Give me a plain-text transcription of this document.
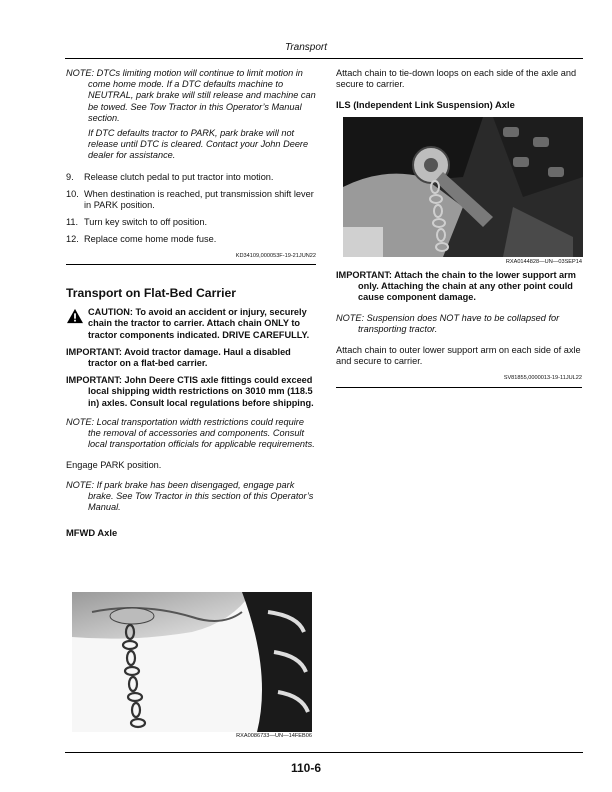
Transport

NOTE: DTCs limiting motion will continue to limit motion in come home mode. If a DTC defaults machine to NEUTRAL, park brake will still release and machine can be towed. See Tow Tractor in this Operator’s Manual section.

If DTC defaults tractor to PARK, park brake will not release until DTC is cleared. Contact your John Deere dealer for assistance.

9. Release clutch pedal to put tractor into motion.
10. When destination is reached, put transmission shift lever in PARK position.
11. Turn key switch to off position.
12. Replace come home mode fuse.
KD34109,000053F-19-21JUN22

Transport on Flat-Bed Carrier

CAUTION: To avoid an accident or injury, securely chain the tractor to carrier. Attach chain ONLY to tractor components indicated. DRIVE CAREFULLY.

IMPORTANT: Avoid tractor damage. Haul a disabled tractor on a flat-bed carrier.

IMPORTANT: John Deere CTIS axle fittings could exceed local shipping width restrictions on 3010 mm (118.5 in) axles. Consult local regulations before shipping.

NOTE: Local transportation width restrictions could require the removal of accessories and components. Consult local transportation officials for applicable requirements.

Engage PARK position.

NOTE: If park brake has been disengaged, engage park brake. See Tow Tractor in this section of this Operator’s Manual.

MFWD Axle

RXA0086733—UN—14FEB06

Attach chain to tie-down loops on each side of the axle and secure to carrier.

ILS (Independent Link Suspension) Axle

RXA0144828—UN—03SEP14

IMPORTANT: Attach the chain to the lower support arm only. Attaching the chain at any other point could cause component damage.

NOTE: Suspension does NOT have to be collapsed for transporting tractor.

Attach chain to outer lower support arm on each side of axle and secure to carrier.

SV81855,0000013-19-11JUL22
110-6
